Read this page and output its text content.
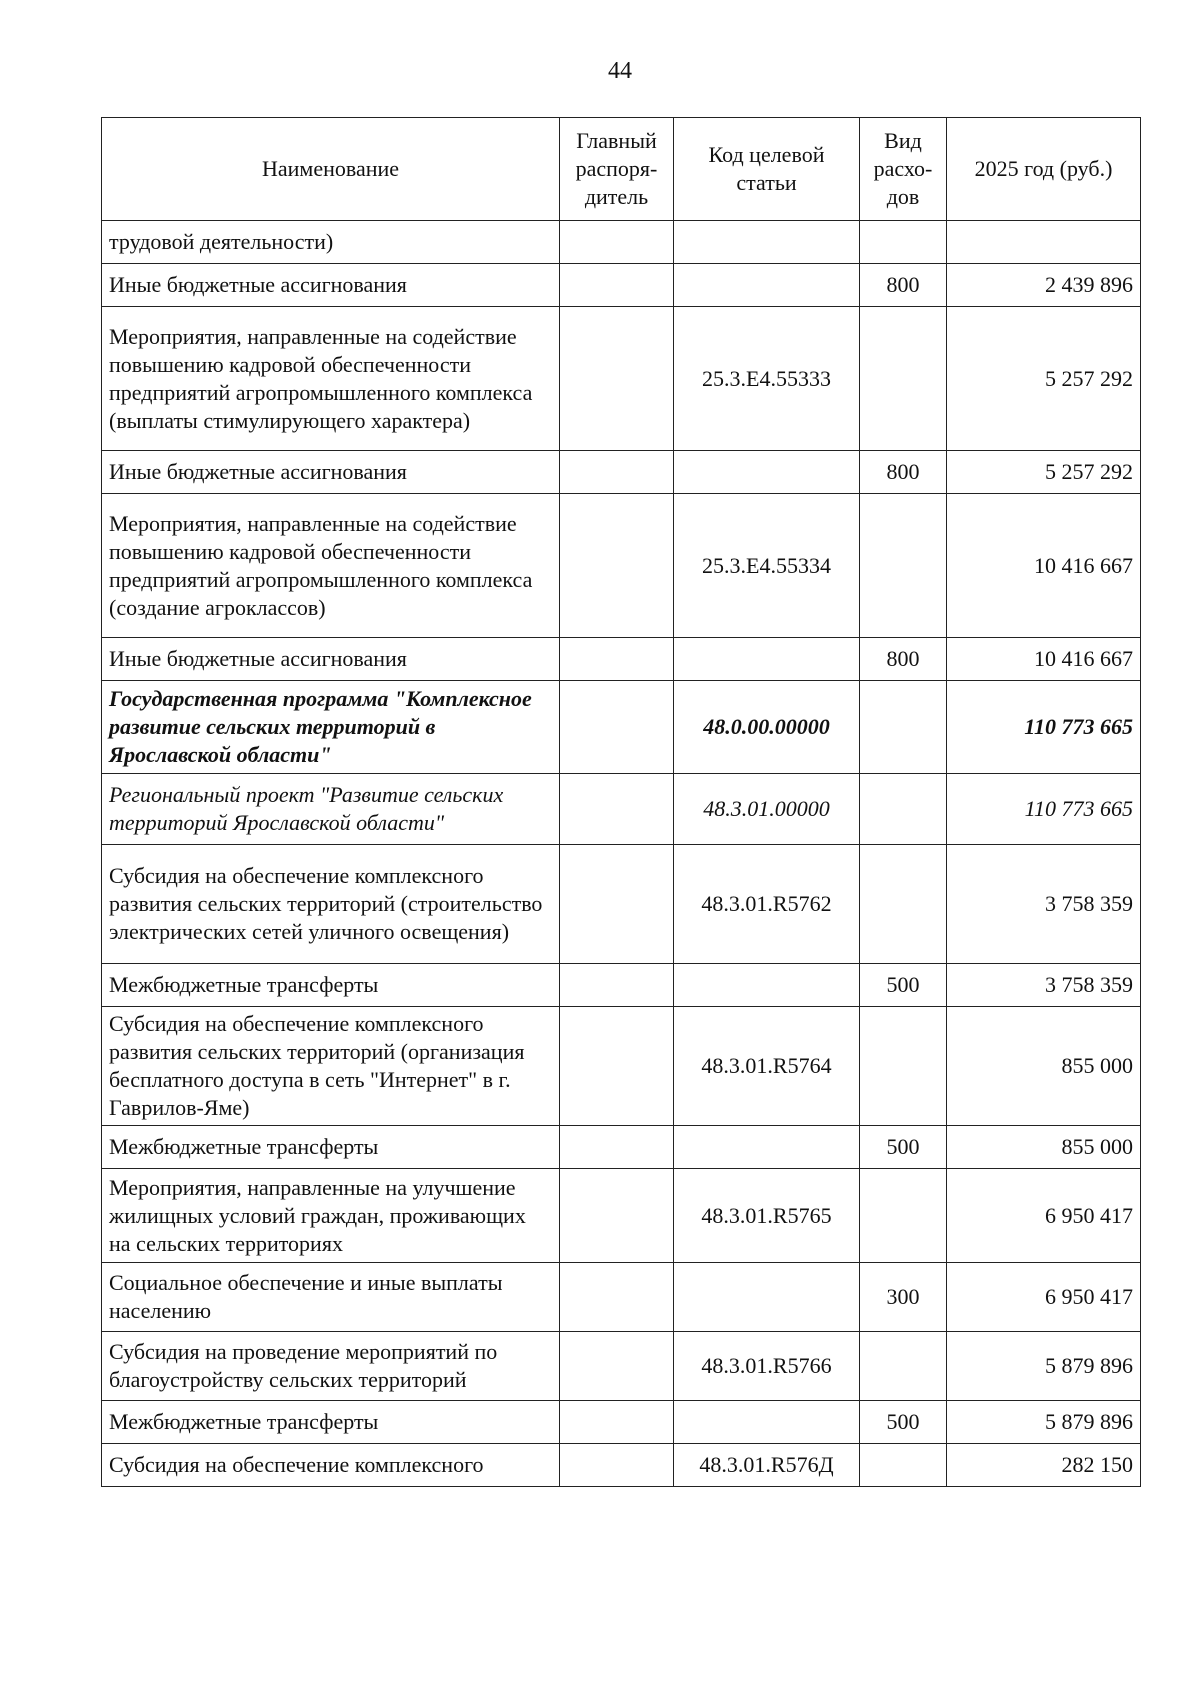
44
Наименование	Главный распоря-дитель	Код целевой статьи	Вид расхо-дов	2025 год (руб.)
трудовой деятельности)				
Иные бюджетные ассигнования			800	2 439 896
Мероприятия, направленные на содействие повышению кадровой обеспеченности предприятий агропромышленного комплекса (выплаты стимулирующего характера)		25.3.E4.55333		5 257 292
Иные бюджетные ассигнования			800	5 257 292
Мероприятия, направленные на содействие повышению кадровой обеспеченности предприятий агропромышленного комплекса (создание агроклассов)		25.3.E4.55334		10 416 667
Иные бюджетные ассигнования			800	10 416 667
Государственная программа "Комплексное развитие сельских территорий в Ярославской области"		48.0.00.00000		110 773 665
Региональный проект "Развитие сельских территорий Ярославской области"		48.3.01.00000		110 773 665
Субсидия на обеспечение комплексного развития сельских территорий (строительство электрических сетей уличного освещения)		48.3.01.R5762		3 758 359
Межбюджетные трансферты			500	3 758 359
Субсидия на обеспечение комплексного развития сельских территорий (организация бесплатного доступа в сеть "Интернет" в г. Гаврилов-Яме)		48.3.01.R5764		855 000
Межбюджетные трансферты			500	855 000
Мероприятия, направленные на улучшение жилищных условий граждан, проживающих на сельских территориях		48.3.01.R5765		6 950 417
Социальное обеспечение и иные выплаты населению			300	6 950 417
Субсидия на проведение мероприятий по благоустройству сельских территорий		48.3.01.R5766		5 879 896
Межбюджетные трансферты			500	5 879 896
Субсидия на обеспечение комплексного		48.3.01.R576Д		282 150
